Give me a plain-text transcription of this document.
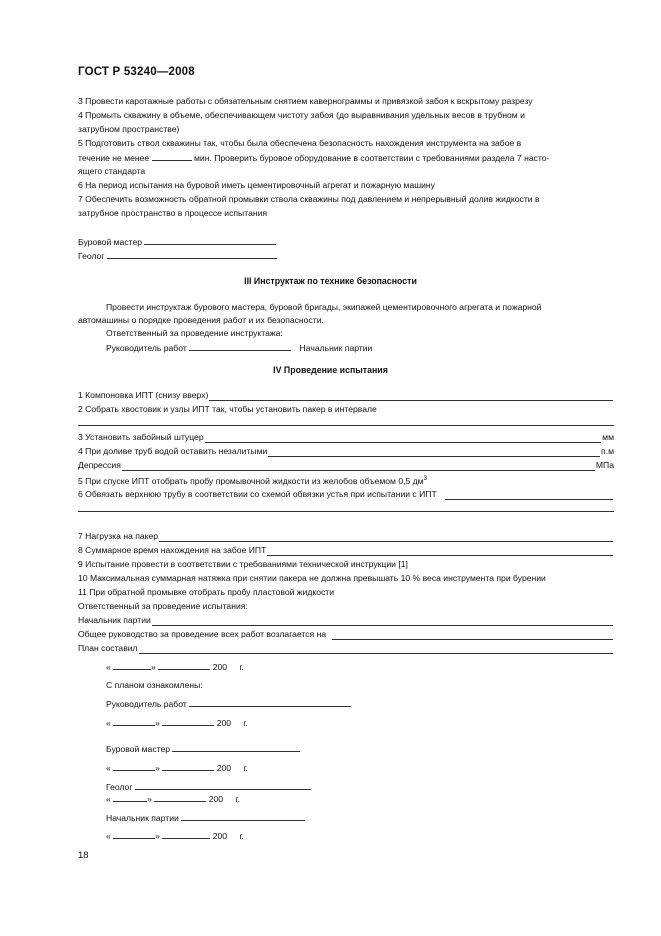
ГОСТ Р 53240—2008
3 Провести каротажные работы с обязательным снятием кавернограммы и привязкой забоя к вскрытому разрезу
4 Промыть скважину в объеме, обеспечивающем чистоту забоя (до выравнивания удельных весов в трубном и
затрубном пространстве)
5 Подготовить ствол скважины так, чтобы была обеспечена безопасность нахождения инструмента на забое в
течение не менее	мин. Проверить буровое оборудование в соответствии с требованиями раздела 7 насто-
ящего стандарта
6 На период испытания на буровой иметь цементировочный агрегат и пожарную машину
7 Обеспечить возможность обратной промывки ствола скважины под давлением и непрерывный долив жидкости в
затрубное пространство в процессе испытания
Буровой мастер
Геолог
III Инструктаж по технике безопасности
Провести инструктаж бурового мастера, буровой бригады, экипажей цементировочного агрегата и пожарной
автомашины о порядке проведения работ и их безопасности.
Ответственный за проведение инструктажа:
Руководитель работ	Начальник партии
IV Проведение испытания
1 Компоновка ИПТ (снизу вверх)
2 Собрать хвостовик и узлы ИПТ так, чтобы установить пакер в интервале
3 Установить забойный штуцер	мм
4 При доливе труб водой оставить незалитыми	п.м
Депрессия	МПа
5 При спуске ИПТ отобрать пробу промывочной жидкости из желобов объемом 0,5 $дм^3$
6 Обвязать верхнюю трубу в соответствии со схемой обвязки устья при испытании с ИПТ
7 Нагрузка на пакер
8 Суммарное время нахождения на забое ИПТ
9 Испытание провести в соответствии с требованиями технической инструкции [1]
10 Максимальная суммарная натяжка при снятии пакера не должна превышать 10 % веса инструмента при бурении
11 При обратной промывке отобрать пробу пластовой жидкости
Ответственный за проведение испытания:
Начальник партии
Общее руководство за проведение всех работ возлагается на
План составил
«	»	200 г.
С планом ознакомлены:
Руководитель работ
«	»	200 г.
Буровой мастер
«	»	200 г.
Геолог
«	»	200 г.
Начальник партии
«	»	200 г.
18
